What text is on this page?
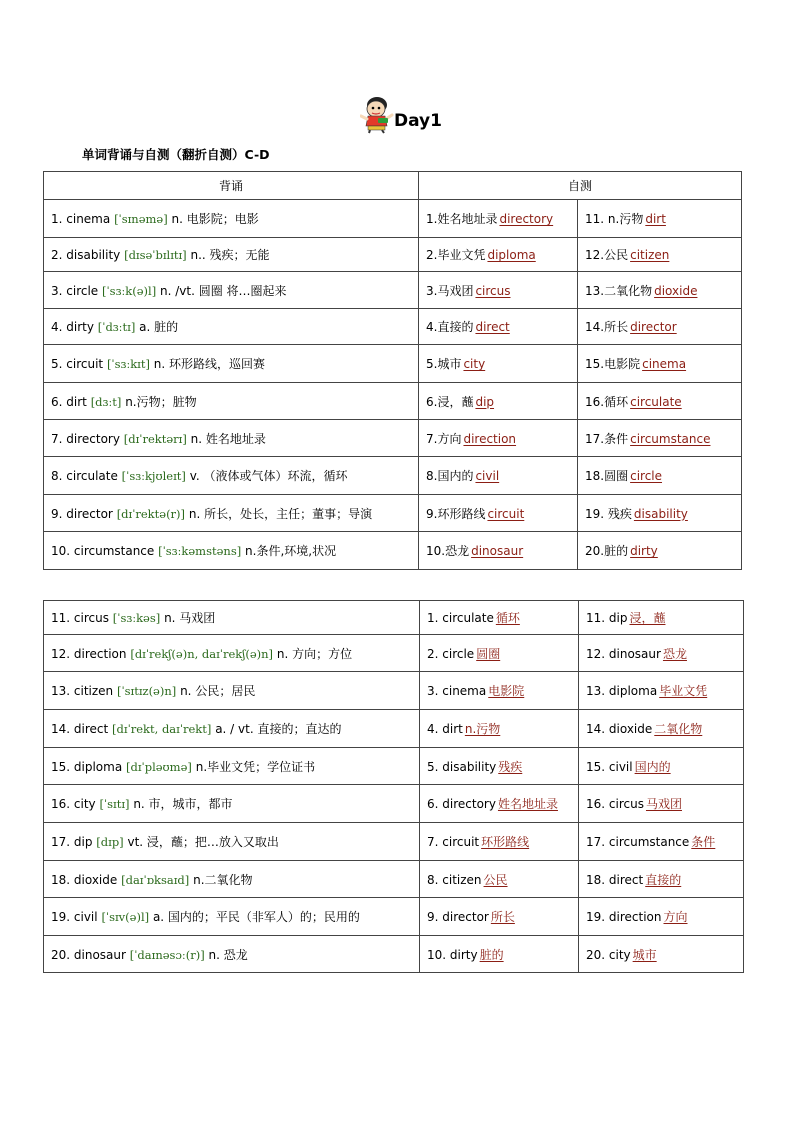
Day1
单词背诵与自测（翻折自测）C-D
背诵	自测	
1. cinema [ˈsɪnəmə] n. 电影院；电影	1.姓名地址录 directory	11. n.污物 dirt
2. disability [dɪsəˈbɪlɪtɪ] n.. 残疾；无能	2.毕业文凭 diploma	12.公民 citizen
3. circle [ˈsɜːk(ə)l] n. /vt. 圆圈 将…圈起来	3.马戏团 circus	13.二氧化物 dioxide
4. dirty [ˈdɜːtɪ] a. 脏的	4.直接的 direct	14.所长 director
5. circuit [ˈsɜːkɪt] n. 环形路线，巡回赛	5.城市 city	15.电影院 cinema
6. dirt [dɜːt] n.污物；脏物	6.浸，蘸 dip	16.循环 circulate
7. directory [dɪˈrektərɪ] n. 姓名地址录	7.方向 direction	17.条件 circumstance
8. circulate [ˈsɜːkjʊleɪt] v. （液体或气体）环流，循环	8.国内的 civil	18.圆圈 circle
9. director [dɪˈrektə(r)] n. 所长，处长，主任；董事；导演	9.环形路线 circuit	19. 残疾 disability
10. circumstance [ˈsɜːkəmstəns] n.条件,环境,状况	10.恐龙 dinosaur	20.脏的 dirty
11. circus [ˈsɜːkəs] n. 马戏团	1. circulate 循环	11. dip 浸，蘸
12. direction [dɪˈrekʃ(ə)n, daɪˈrekʃ(ə)n] n. 方向；方位	2. circle 圆圈	12. dinosaur 恐龙
13. citizen [ˈsɪtɪz(ə)n] n. 公民；居民	3. cinema 电影院	13. diploma 毕业文凭
14. direct [dɪˈrekt, daɪˈrekt] a. / vt. 直接的；直达的	4. dirt n.污物	14. dioxide 二氧化物
15. diploma [dɪˈpləʊmə] n.毕业文凭；学位证书	5. disability 残疾	15. civil 国内的
16. city [ˈsɪtɪ] n. 市，城市，都市	6. directory 姓名地址录	16. circus 马戏团
17. dip [dɪp] vt. 浸，蘸；把…放入又取出	7. circuit 环形路线	17. circumstance 条件
18. dioxide [daɪˈɒksaɪd] n.二氧化物	8. citizen 公民	18. direct 直接的
19. civil [ˈsɪv(ə)l] a. 国内的；平民（非军人）的；民用的	9. director 所长	19. direction 方向
20. dinosaur [ˈdaɪnəsɔː(r)] n. 恐龙	10. dirty 脏的	20. city 城市
